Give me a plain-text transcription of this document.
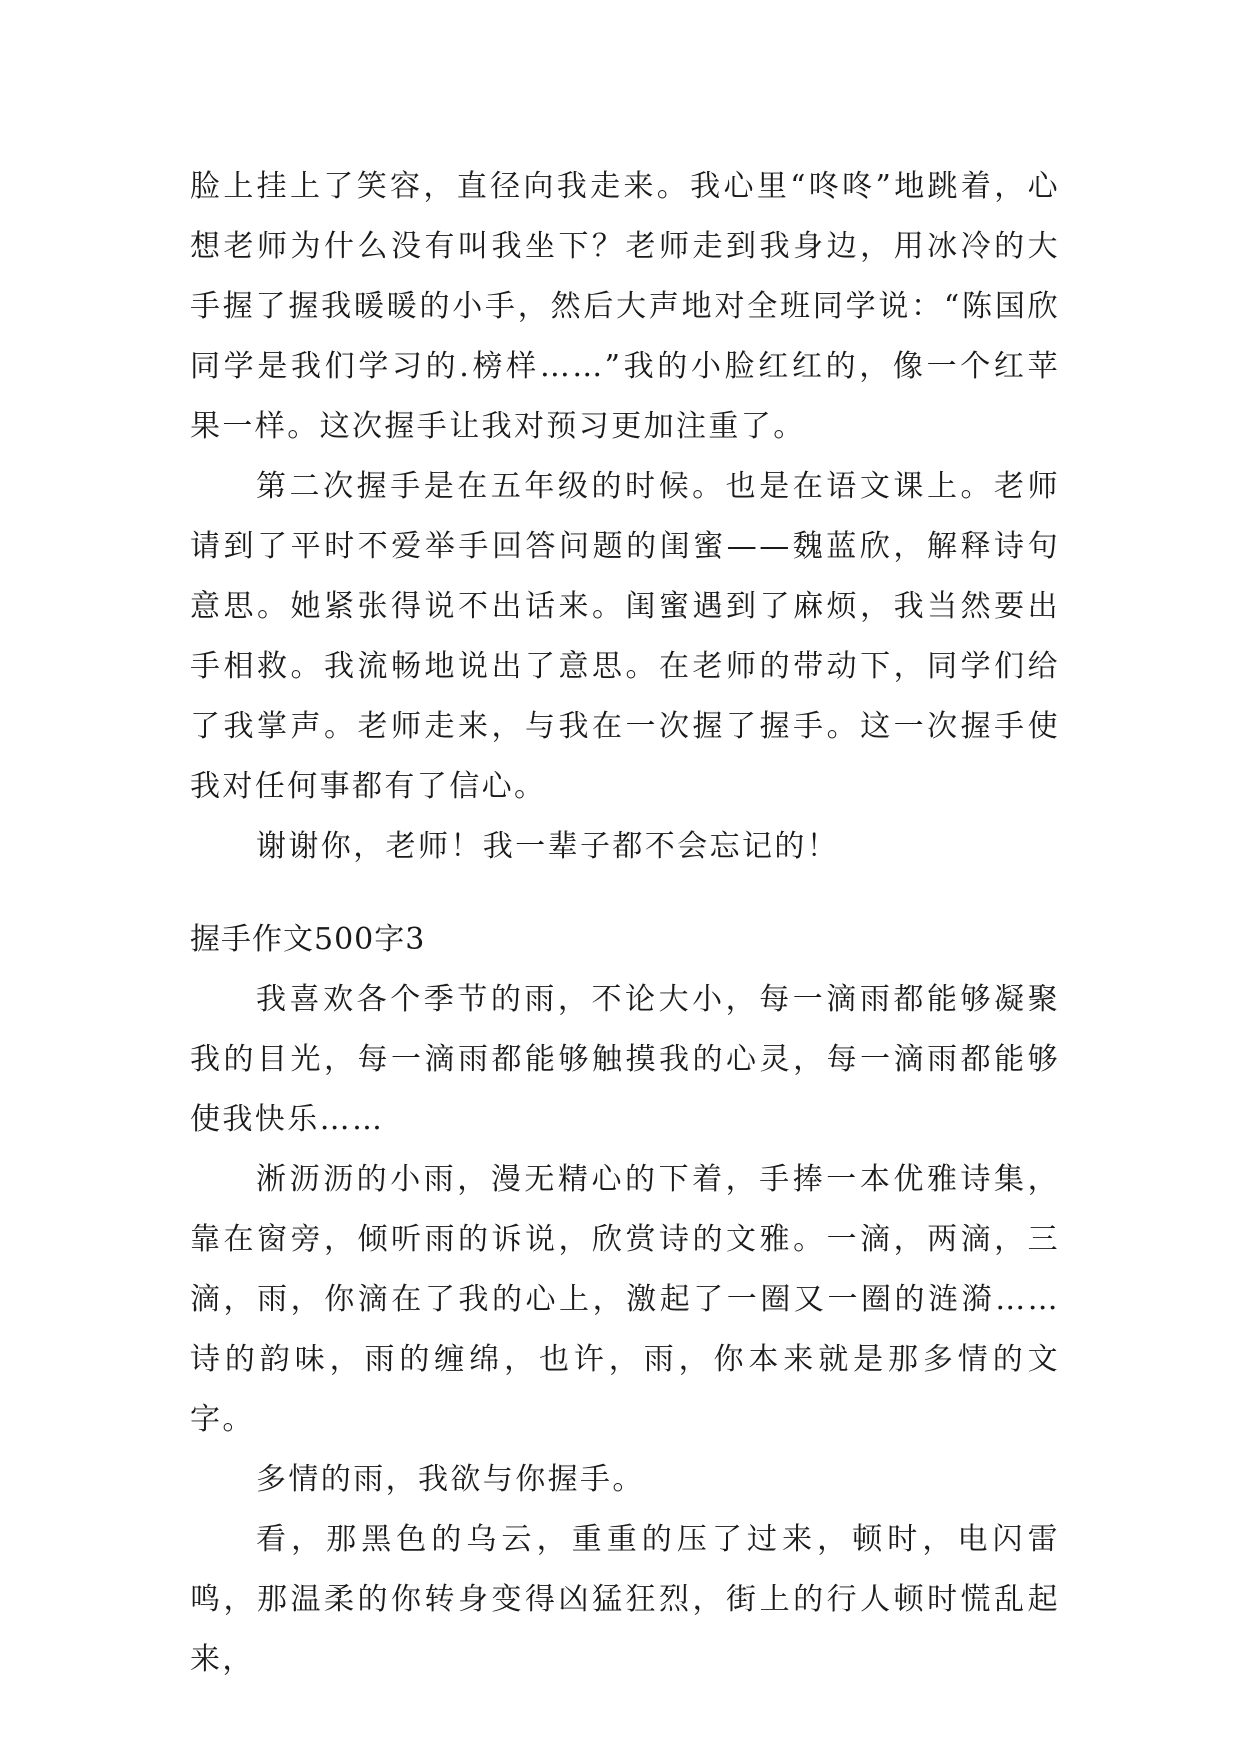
脸上挂上了笑容，直径向我走来。我心里“咚咚”地跳着，心想老师为什么没有叫我坐下？老师走到我身边，用冰冷的大手握了握我暖暖的小手，然后大声地对全班同学说：“陈国欣同学是我们学习的.榜样……”我的小脸红红的，像一个红苹果一样。这次握手让我对预习更加注重了。

第二次握手是在五年级的时候。也是在语文课上。老师请到了平时不爱举手回答问题的闺蜜——魏蓝欣，解释诗句意思。她紧张得说不出话来。闺蜜遇到了麻烦，我当然要出手相救。我流畅地说出了意思。在老师的带动下，同学们给了我掌声。老师走来，与我在一次握了握手。这一次握手使我对任何事都有了信心。

谢谢你，老师！我一辈子都不会忘记的！

握手作文500字3

我喜欢各个季节的雨，不论大小，每一滴雨都能够凝聚我的目光，每一滴雨都能够触摸我的心灵，每一滴雨都能够使我快乐……

淅沥沥的小雨，漫无精心的下着，手捧一本优雅诗集，靠在窗旁，倾听雨的诉说，欣赏诗的文雅。一滴，两滴，三滴，雨，你滴在了我的心上，激起了一圈又一圈的涟漪……诗的韵味，雨的缠绵，也许，雨，你本来就是那多情的文字。

多情的雨，我欲与你握手。

看，那黑色的乌云，重重的压了过来，顿时，电闪雷鸣，那温柔的你转身变得凶猛狂烈，街上的行人顿时慌乱起来，
